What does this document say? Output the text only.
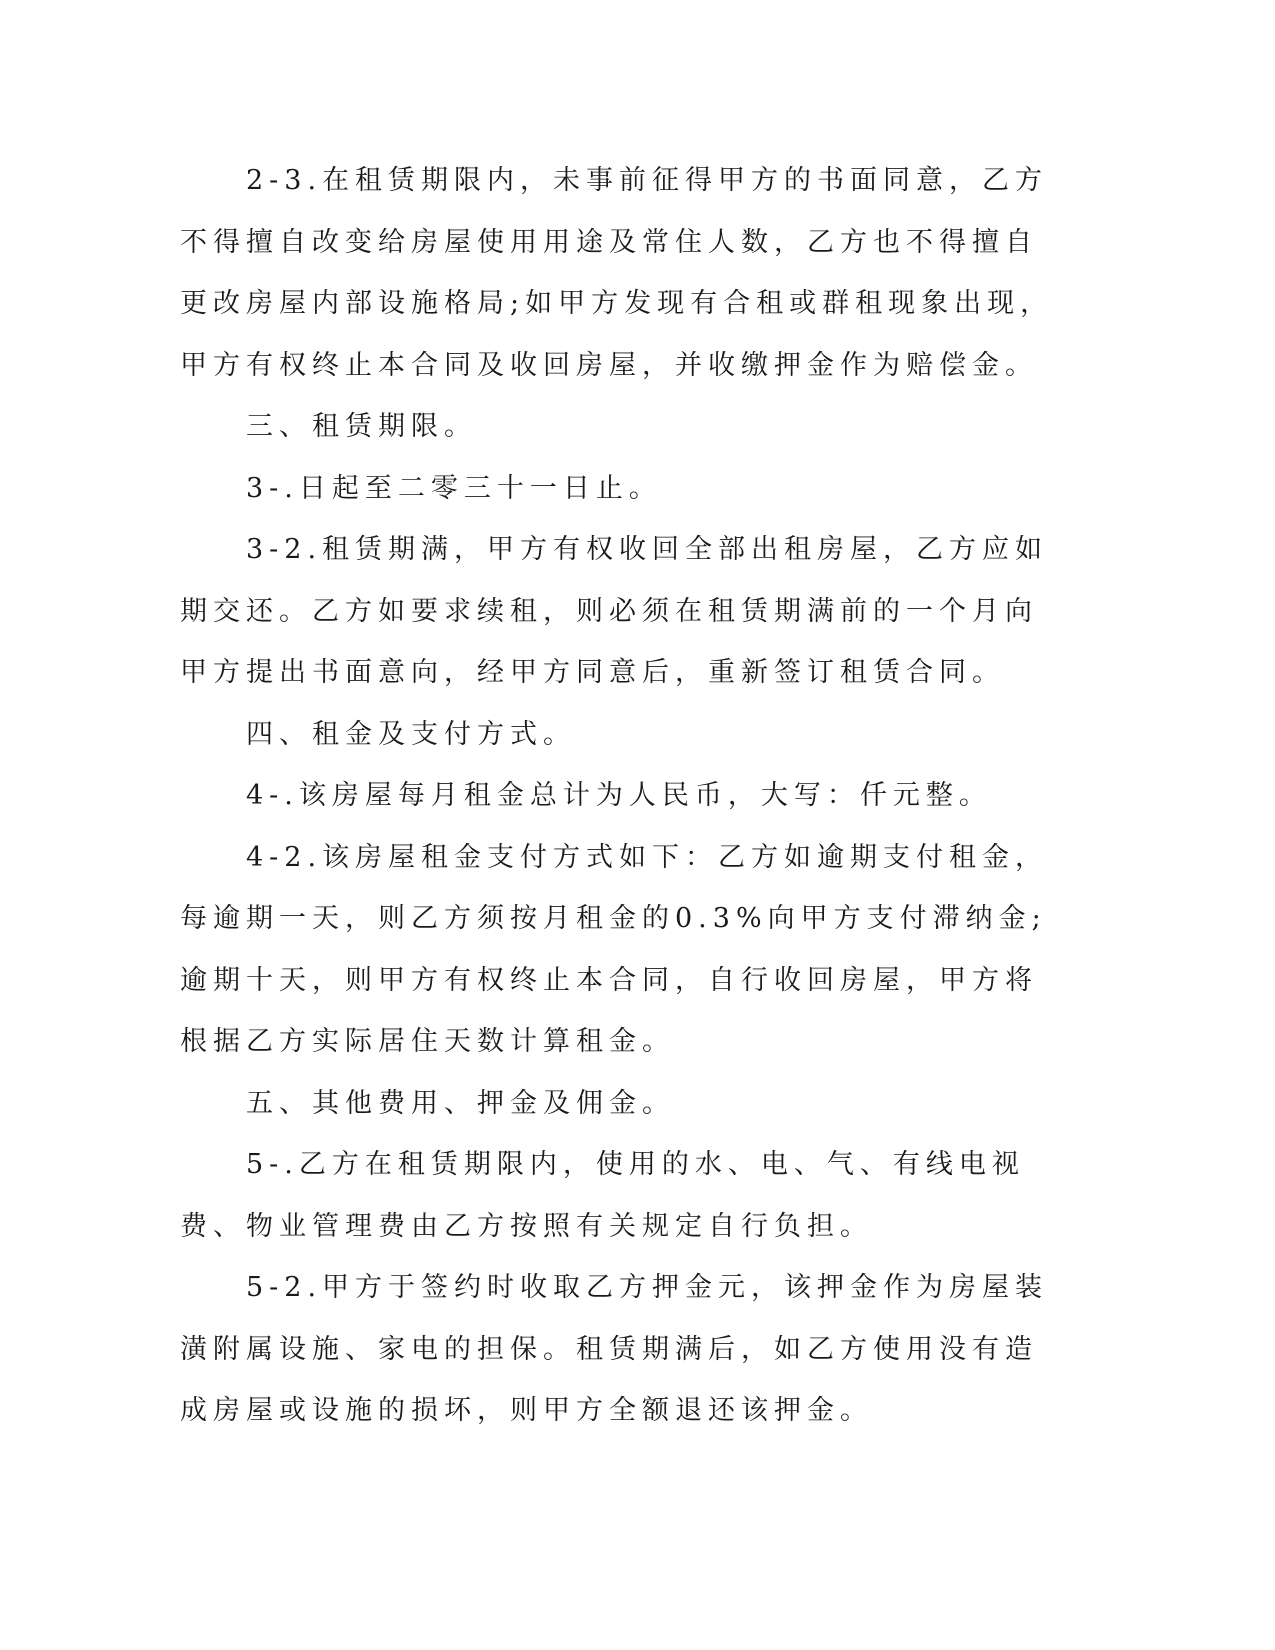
2-3.在租赁期限内，未事前征得甲方的书面同意，乙方不得擅自改变给房屋使用用途及常住人数，乙方也不得擅自更改房屋内部设施格局;如甲方发现有合租或群租现象出现，甲方有权终止本合同及收回房屋，并收缴押金作为赔偿金。

三、租赁期限。

3-.日起至二零三十一日止。

3-2.租赁期满，甲方有权收回全部出租房屋，乙方应如期交还。乙方如要求续租，则必须在租赁期满前的一个月向甲方提出书面意向，经甲方同意后，重新签订租赁合同。

四、租金及支付方式。

4-.该房屋每月租金总计为人民币，大写：仟元整。

4-2.该房屋租金支付方式如下：乙方如逾期支付租金，每逾期一天，则乙方须按月租金的0.3%向甲方支付滞纳金;逾期十天，则甲方有权终止本合同，自行收回房屋，甲方将根据乙方实际居住天数计算租金。

五、其他费用、押金及佣金。

5-.乙方在租赁期限内，使用的水、电、气、有线电视费、物业管理费由乙方按照有关规定自行负担。

5-2.甲方于签约时收取乙方押金元，该押金作为房屋装潢附属设施、家电的担保。租赁期满后，如乙方使用没有造成房屋或设施的损坏，则甲方全额退还该押金。
